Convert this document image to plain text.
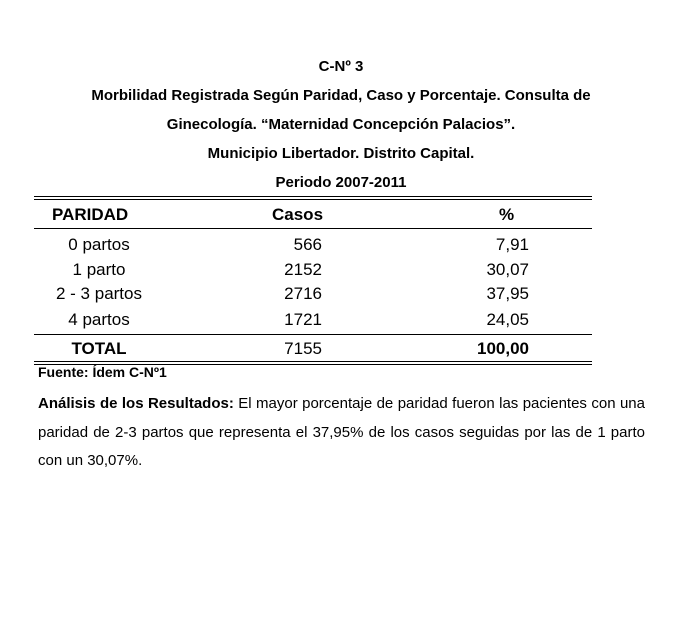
C-Nº 3
Morbilidad Registrada Según Paridad, Caso y Porcentaje. Consulta de
Ginecología. “Maternidad Concepción Palacios”.
Municipio Libertador. Distrito Capital.
Periodo 2007-2011
PARIDAD	Casos	%
0 partos	566	7,91
1 parto	2152	30,07
2 - 3 partos	2716	37,95
4 partos	1721	24,05
TOTAL	7155	100,00
Fuente: Ídem C-Nº1
Análisis de los Resultados: El mayor porcentaje de paridad fueron las pacientes con una paridad de 2-3 partos que representa el 37,95% de los casos seguidas por las de 1 parto con un 30,07%.
